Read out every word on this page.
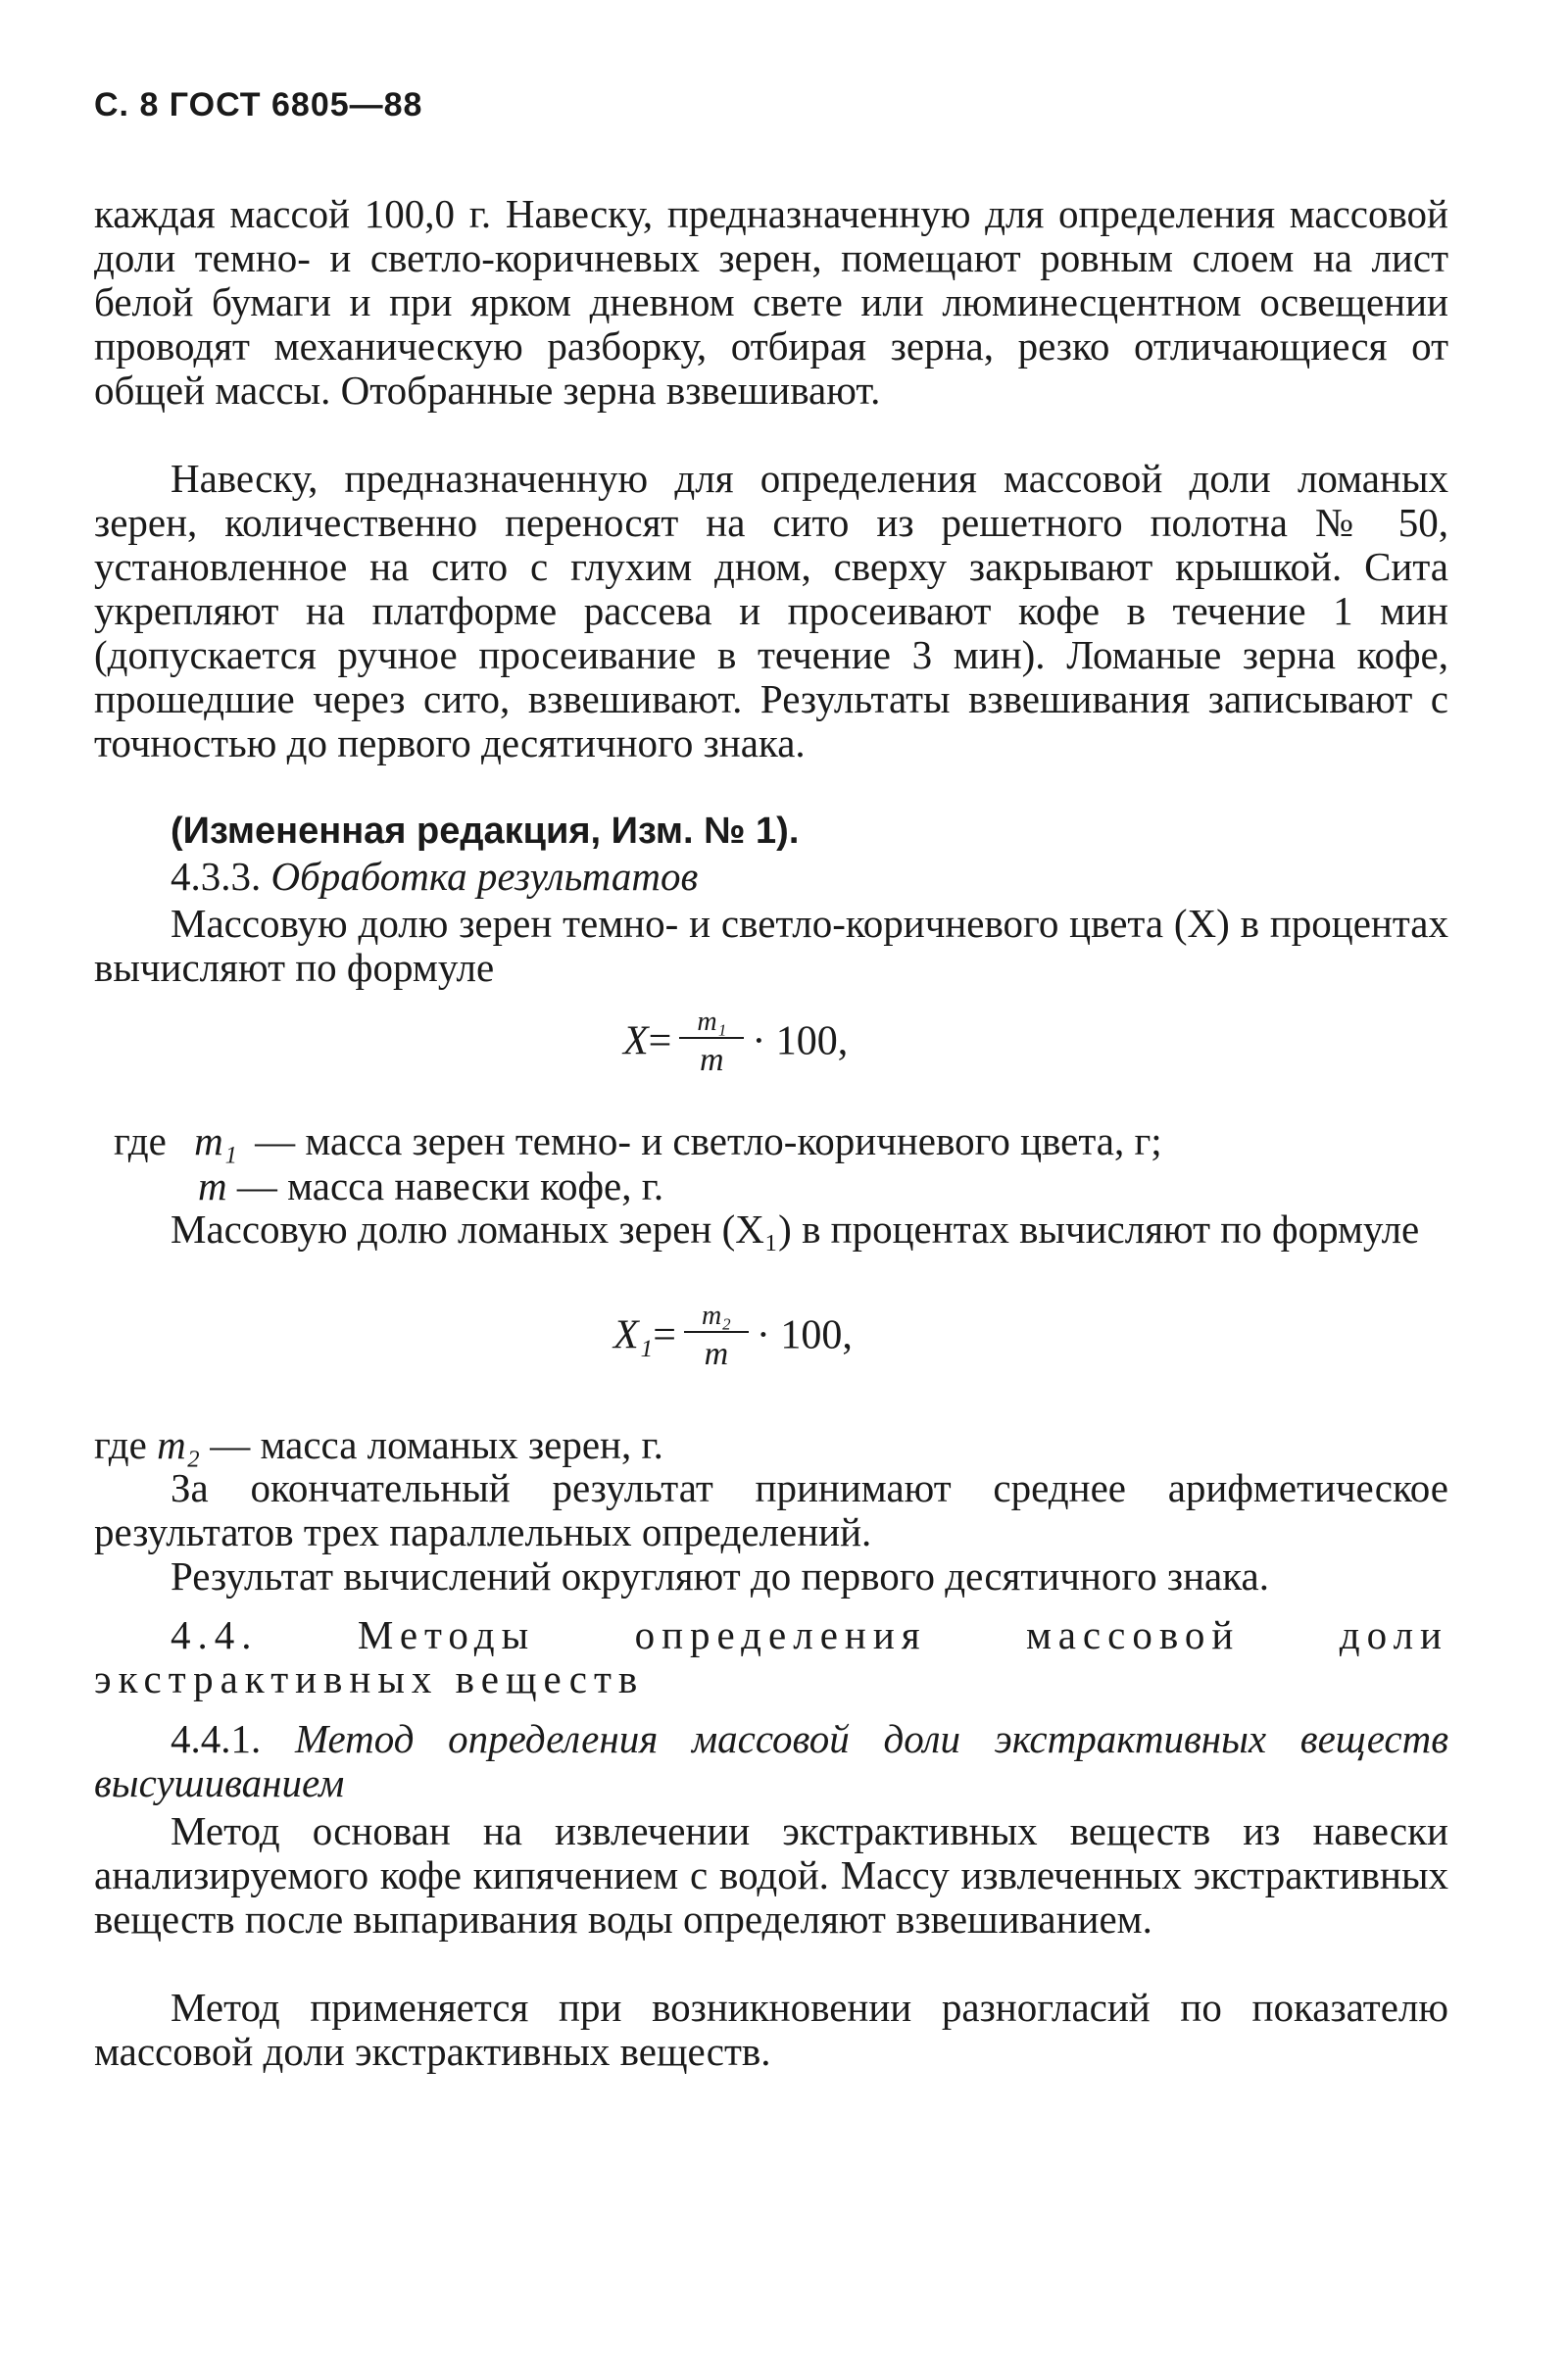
С. 8 ГОСТ 6805—88

каждая массой 100,0 г. Навеску, предназначенную для определения массовой доли темно- и светло-коричневых зерен, помещают ровным слоем на лист белой бумаги и при ярком дневном свете или люминесцентном освещении проводят механическую разборку, отбирая зерна, резко отличающиеся от общей массы. Отобранные зерна взвешивают.

Навеску, предназначенную для определения массовой доли ломаных зерен, количественно переносят на сито из решетного полотна № 50, установленное на сито с глухим дном, сверху закрывают крышкой. Сита укрепляют на платформе рассева и просеивают кофе в течение 1 мин (допускается ручное просеивание в течение 3 мин). Ломаные зерна кофе, прошедшие через сито, взвешивают. Результаты взвешивания записывают с точностью до первого десятичного знака.

(Измененная редакция, Изм. № 1).

4.3.3. Обработка результатов

Массовую долю зерен темно- и светло-коричневого цвета (X) в процентах вычисляют по формуле

$X= \frac{\text{m₁}}{m} \cdot 100$,
где m₁ — масса зерен темно- и светло-коричневого цвета, г;
m — масса навески кофе, г.

Массовую долю ломаных зерен (X₁) в процентах вычисляют по формуле

$X_1= \frac{\text{m₂}}{m} \cdot 100$,
где m₂ — масса ломаных зерен, г.

За окончательный результат принимают среднее арифметическое результатов трех параллельных определений.

Результат вычислений округляют до первого десятичного знака.

4.4. Методы определения массовой доли экстрактивных веществ

4.4.1. Метод определения массовой доли экстрактивных веществ высушиванием

Метод основан на извлечении экстрактивных веществ из навески анализируемого кофе кипячением с водой. Массу извлеченных экстрактивных веществ после выпаривания воды определяют взвешиванием.

Метод применяется при возникновении разногласий по показателю массовой доли экстрактивных веществ.
